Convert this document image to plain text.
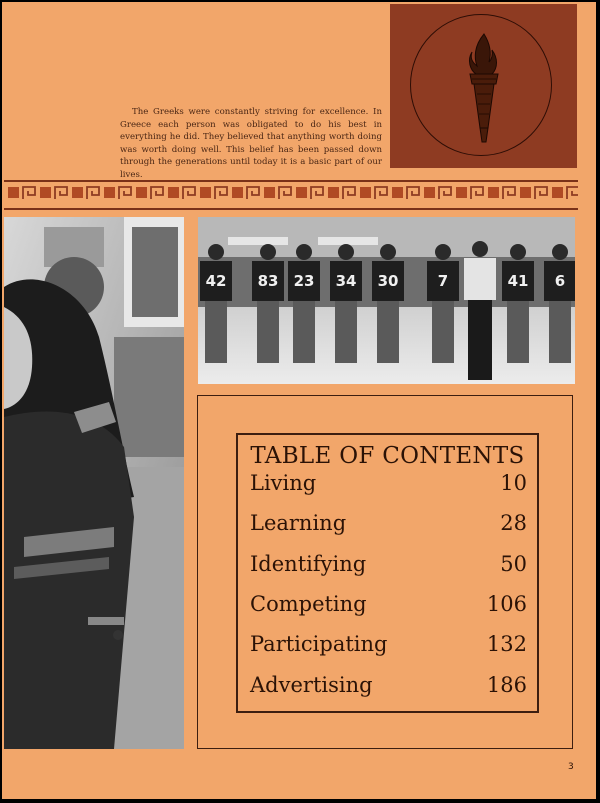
The Greeks were constantly striving for excellence. In Greece each person was obligated to do his best in everything he did. They believed that anything worth doing was worth doing well. This belief has been passed down through the generations until today it is a basic part of our lives.

42 83 23 34 30	7	41 6
TABLE OF CONTENTS
Living	10
Learning	28
Identifying	50
Competing	106
Participating	132
Advertising	186
3
